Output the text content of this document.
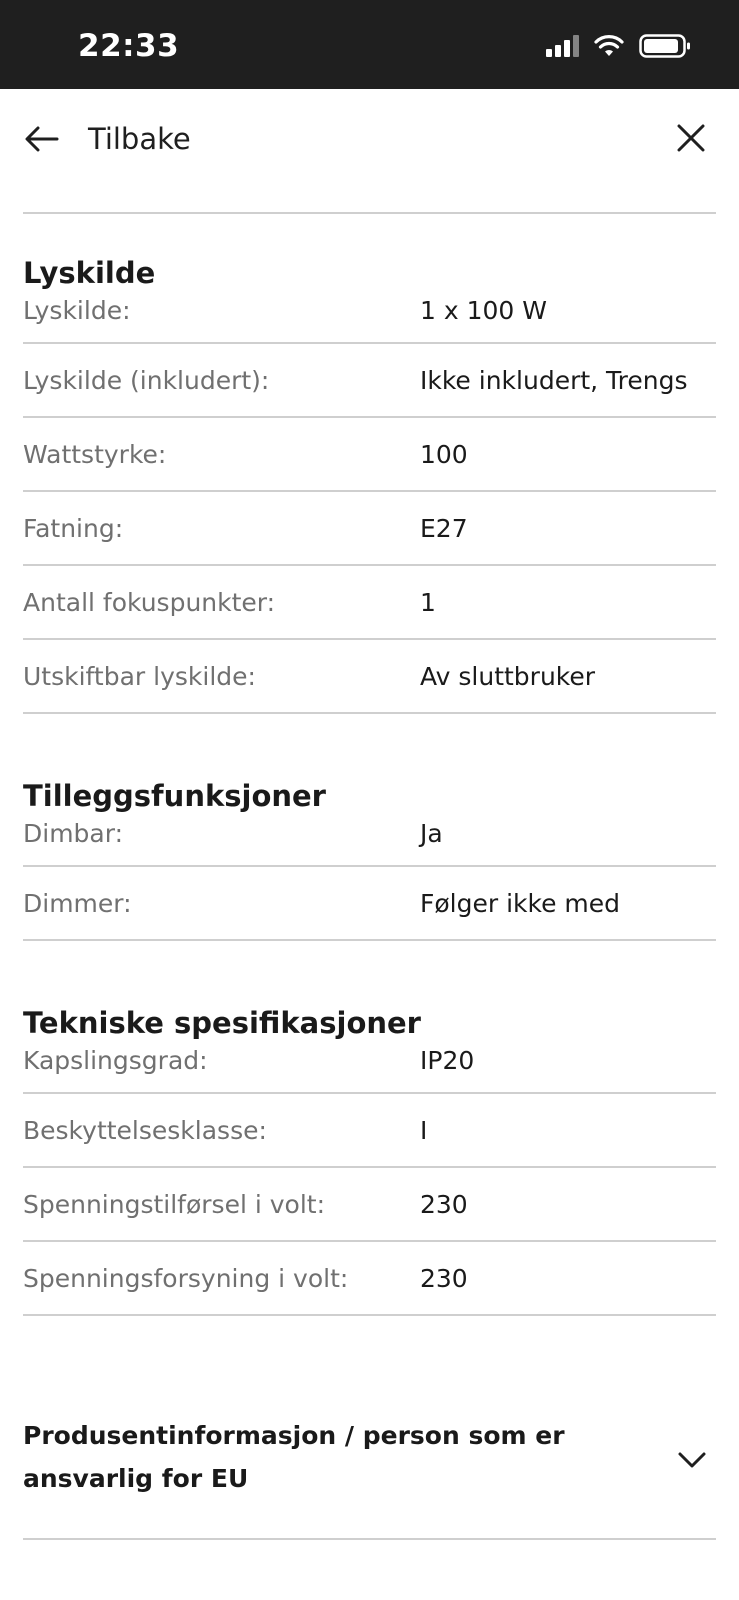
22:33
Tilbake
Lyskilde
Lyskilde:	1 x 100 W
Lyskilde (inkludert):	Ikke inkludert, Trengs
Wattstyrke:	100
Fatning:	E27
Antall fokuspunkter:	1
Utskiftbar lyskilde:	Av sluttbruker
Tilleggsfunksjoner
Dimbar:	Ja
Dimmer:	Følger ikke med
Tekniske spesifikasjoner
Kapslingsgrad:	IP20
Beskyttelsesklasse:	I
Spenningstilførsel i volt:	230
Spenningsforsyning i volt:	230
Produsentinformasjon / person som er ansvarlig for EU
